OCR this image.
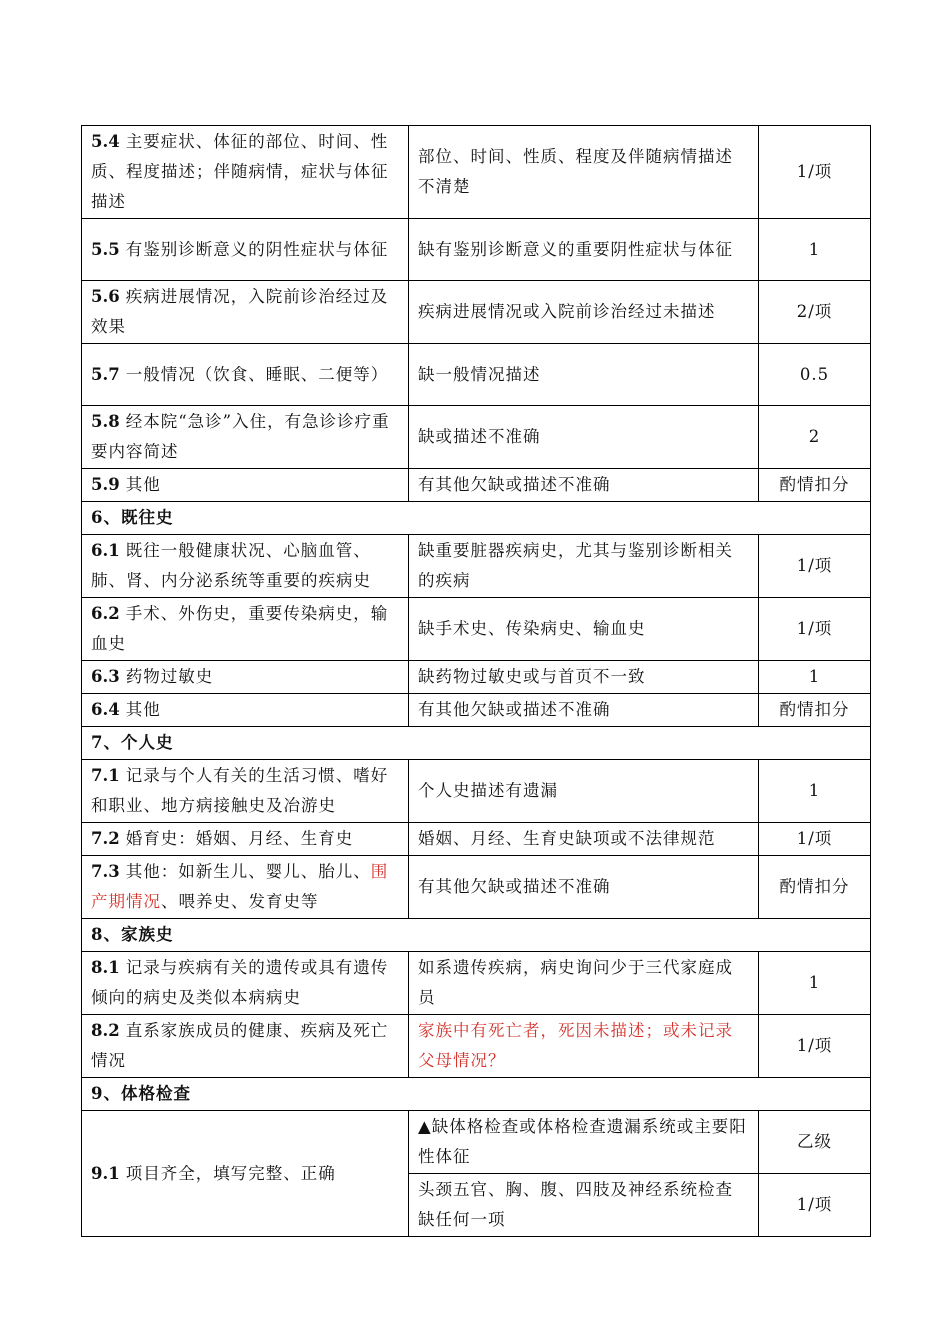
5.4 主要症状、体征的部位、时间、性质、程度描述；伴随病情，症状与体征描述	部位、时间、性质、程度及伴随病情描述不清楚	1/项
5.5 有鉴别诊断意义的阴性症状与体征	缺有鉴别诊断意义的重要阴性症状与体征	1
5.6 疾病进展情况，入院前诊治经过及效果	疾病进展情况或入院前诊治经过未描述	2/项
5.7 一般情况（饮食、睡眠、二便等）	缺一般情况描述	0.5
5.8 经本院“急诊”入住，有急诊诊疗重要内容简述	缺或描述不准确	2
5.9 其他	有其他欠缺或描述不准确	酌情扣分
6、既往史		
6.1 既往一般健康状况、心脑血管、肺、肾、内分泌系统等重要的疾病史	缺重要脏器疾病史，尤其与鉴别诊断相关的疾病	1/项
6.2 手术、外伤史，重要传染病史，输血史	缺手术史、传染病史、输血史	1/项
6.3 药物过敏史	缺药物过敏史或与首页不一致	1
6.4 其他	有其他欠缺或描述不准确	酌情扣分
7、个人史		
7.1 记录与个人有关的生活习惯、嗜好和职业、地方病接触史及冶游史	个人史描述有遗漏	1
7.2 婚育史：婚姻、月经、生育史	婚姻、月经、生育史缺项或不法律规范	1/项
7.3 其他：如新生儿、婴儿、胎儿、围产期情况、喂养史、发育史等	有其他欠缺或描述不准确	酌情扣分
8、家族史		
8.1 记录与疾病有关的遗传或具有遗传倾向的病史及类似本病病史	如系遗传疾病，病史询问少于三代家庭成员	1
8.2 直系家族成员的健康、疾病及死亡情况	家族中有死亡者，死因未描述；或未记录父母情况？	1/项
9、体格检查		
9.1 项目齐全，填写完整、正确	▲缺体格检查或体格检查遗漏系统或主要阳性体征	乙级
	头颈五官、胸、腹、四肢及神经系统检查缺任何一项	1/项
